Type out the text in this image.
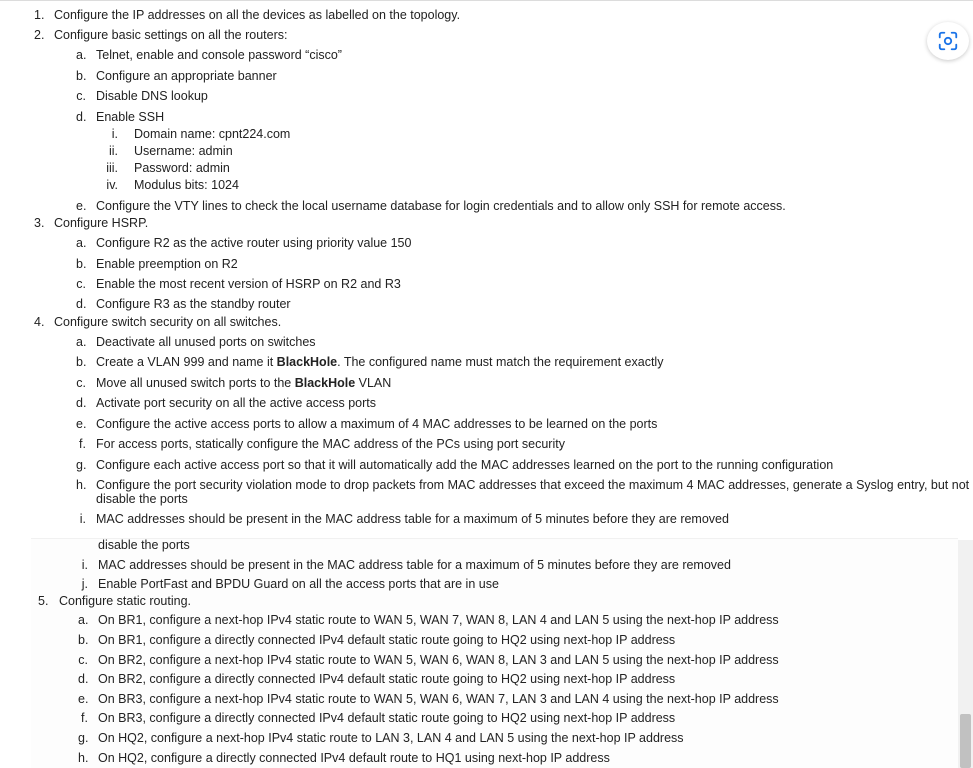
1. Configure the IP addresses on all the devices as labelled on the topology.
2. Configure basic settings on all the routers:
a. Telnet, enable and console password “cisco”
b. Configure an appropriate banner
c. Disable DNS lookup
d. Enable SSH
i. Domain name: cpnt224.com
ii. Username: admin
iii. Password: admin
iv. Modulus bits: 1024
e. Configure the VTY lines to check the local username database for login credentials and to allow only SSH for remote access.
3. Configure HSRP.
a. Configure R2 as the active router using priority value 150
b. Enable preemption on R2
c. Enable the most recent version of HSRP on R2 and R3
d. Configure R3 as the standby router
4. Configure switch security on all switches.
a. Deactivate all unused ports on switches
b. Create a VLAN 999 and name it BlackHole. The configured name must match the requirement exactly
c. Move all unused switch ports to the BlackHole VLAN
d. Activate port security on all the active access ports
e. Configure the active access ports to allow a maximum of 4 MAC addresses to be learned on the ports
f. For access ports, statically configure the MAC address of the PCs using port security
g. Configure each active access port so that it will automatically add the MAC addresses learned on the port to the running configuration
h. Configure the port security violation mode to drop packets from MAC addresses that exceed the maximum 4 MAC addresses, generate a Syslog entry, but not
disable the ports
i. MAC addresses should be present in the MAC address table for a maximum of 5 minutes before they are removed
disable the ports
i. MAC addresses should be present in the MAC address table for a maximum of 5 minutes before they are removed
j. Enable PortFast and BPDU Guard on all the access ports that are in use
5. Configure static routing.
a. On BR1, configure a next-hop IPv4 static route to WAN 5, WAN 7, WAN 8, LAN 4 and LAN 5 using the next-hop IP address
b. On BR1, configure a directly connected IPv4 default static route going to HQ2 using next-hop IP address
c. On BR2, configure a next-hop IPv4 static route to WAN 5, WAN 6, WAN 8, LAN 3 and LAN 5 using the next-hop IP address
d. On BR2, configure a directly connected IPv4 default static route going to HQ2 using next-hop IP address
e. On BR3, configure a next-hop IPv4 static route to WAN 5, WAN 6, WAN 7, LAN 3 and LAN 4 using the next-hop IP address
f. On BR3, configure a directly connected IPv4 default static route going to HQ2 using next-hop IP address
g. On HQ2, configure a next-hop IPv4 static route to LAN 3, LAN 4 and LAN 5 using the next-hop IP address
h. On HQ2, configure a directly connected IPv4 default route to HQ1 using next-hop IP address
